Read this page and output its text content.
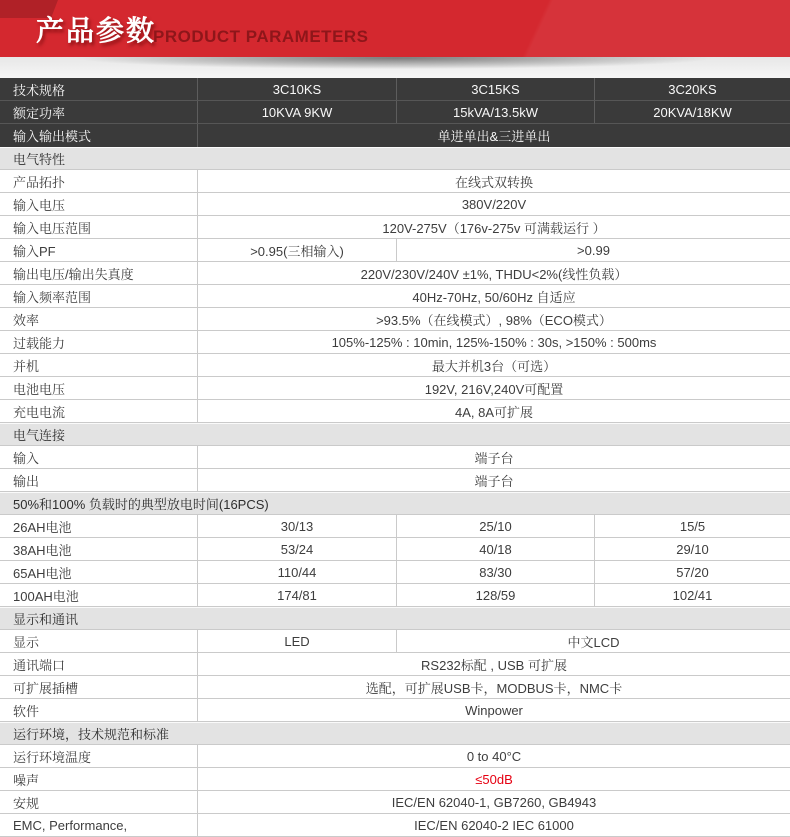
产品参数
PRODUCT PARAMETERS
技术规格	3C10KS	3C15KS	3C20KS
额定功率	10KVA 9KW	15kVA/13.5kW	20KVA/18KW
输入输出模式	单进单出&三进单出
电气特性
产品拓扑	在线式双转换
输入电压	380V/220V
输入电压范围	120V-275V（176v-275v 可满载运行 ）
输入PF	>0.95(三相输入)	>0.99
输出电压/输出失真度	220V/230V/240V ±1%, THDU<2%(线性负载）
输入频率范围	40Hz-70Hz, 50/60Hz 自适应
效率	>93.5%（在线模式）, 98%（ECO模式）
过载能力	105%-125% : 10min, 125%-150% : 30s, >150% : 500ms
并机	最大并机3台（可选）
电池电压	192V, 216V,240V可配置
充电电流	4A, 8A可扩展
电气连接
输入	端子台
输出	端子台
50%和100% 负载时的典型放电时间(16PCS)
26AH电池	30/13	25/10	15/5
38AH电池	53/24	40/18	29/10
65AH电池	110/44	83/30	57/20
100AH电池	174/81	128/59	102/41
显示和通讯
显示	LED	中文LCD
通讯端口	RS232标配 , USB 可扩展
可扩展插槽	选配，可扩展USB卡，MODBUS卡，NMC卡
软件	Winpower
运行环境，技术规范和标准
运行环境温度	0 to 40°C
噪声	≤50dB
安规	IEC/EN 62040-1, GB7260, GB4943
EMC, Performance,	IEC/EN 62040-2 IEC 61000
